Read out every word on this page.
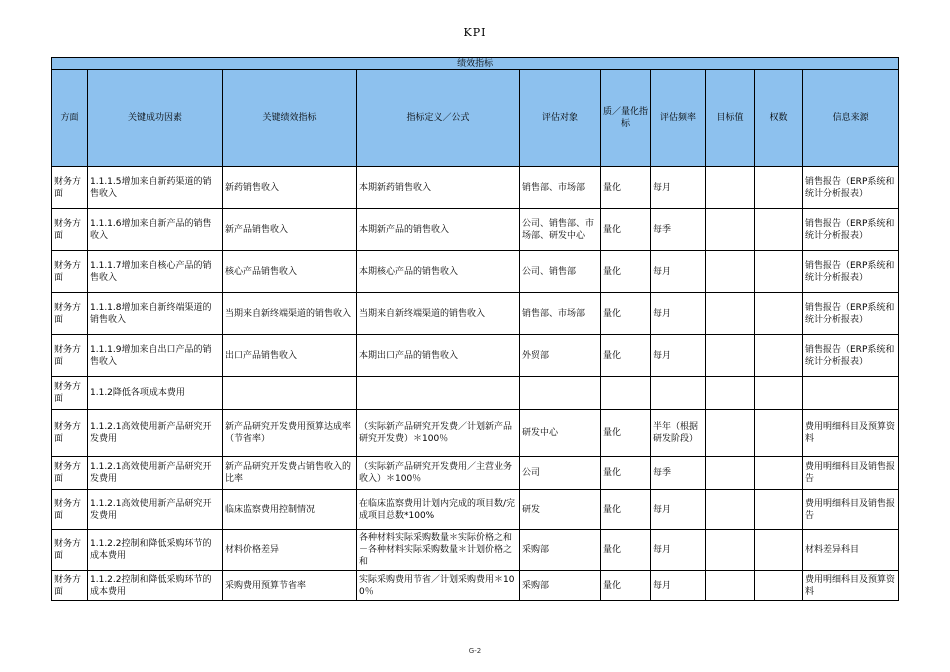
KPI
绩效指标									
方面	关键成功因素	关键绩效指标	指标定义／公式	评估对象	质／量化指标	评估频率	目标值	权数	信息来源
财务方面	1.1.1.5增加来自新药渠道的销售收入	新药销售收入	本期新药销售收入	销售部、市场部	量化	每月			销售报告（ERP系统和统计分析报表）
财务方面	1.1.1.6增加来自新产品的销售收入	新产品销售收入	本期新产品的销售收入	公司、销售部、市场部、研发中心	量化	每季			销售报告（ERP系统和统计分析报表）
财务方面	1.1.1.7增加来自核心产品的销售收入	核心产品销售收入	本期核心产品的销售收入	公司、销售部	量化	每月			销售报告（ERP系统和统计分析报表）
财务方面	1.1.1.8增加来自新终端渠道的销售收入	当期来自新终端渠道的销售收入	当期来自新终端渠道的销售收入	销售部、市场部	量化	每月			销售报告（ERP系统和统计分析报表）
财务方面	1.1.1.9增加来自出口产品的销售收入	出口产品销售收入	本期出口产品的销售收入	外贸部	量化	每月			销售报告（ERP系统和统计分析报表）
财务方面	1.1.2降低各项成本费用								
财务方面	1.1.2.1高效使用新产品研究开发费用	新产品研究开发费用预算达成率（节省率）	（实际新产品研究开发费／计划新产品研究开发费）＊100％	研发中心	量化	半年（根据研发阶段）			费用明细科目及预算资料
财务方面	1.1.2.1高效使用新产品研究开发费用	新产品研究开发费占销售收入的比率	（实际新产品研究开发费用／主营业务收入）＊100％	公司	量化	每季			费用明细科目及销售报告
财务方面	1.1.2.1高效使用新产品研究开发费用	临床监察费用控制情况	在临床监察费用计划内完成的项目数/完成项目总数*100%	研发	量化	每月			费用明细科目及销售报告
财务方面	1.1.2.2控制和降低采购环节的成本费用	材料价格差异	各种材料实际采购数量＊实际价格之和－各种材料实际采购数量＊计划价格之和	采购部	量化	每月			材料差异科目
财务方面	1.1.2.2控制和降低采购环节的成本费用	采购费用预算节省率	实际采购费用节省／计划采购费用＊100％	采购部	量化	每月			费用明细科目及预算资料
G-2
